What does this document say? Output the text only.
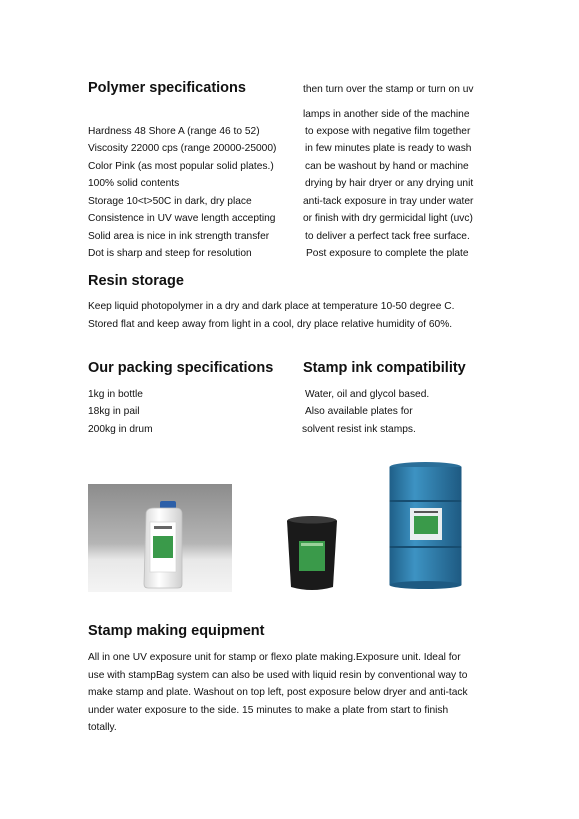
Polymer specifications	then turn over the stamp or turn on uv
lamps in another side of the machine
Hardness 48 Shore A (range 46 to 52)
Viscosity 22000 cps (range 20000-25000)
Color Pink (as most popular solid plates.)
100% solid contents
Storage 10<t>50C in dark, dry place
Consistence in UV wave length accepting
Solid area is nice in ink strength transfer
Dot is sharp and steep for resolution
to expose with negative film together
in few minutes plate is ready to wash
can be washout by hand or machine
drying by hair dryer or any drying unit
anti-tack exposure in tray under water
or finish with dry germicidal light (uvc)
to deliver a perfect tack free surface.
Post exposure to complete the plate
Resin storage
Keep liquid photopolymer in a dry and dark place at temperature 10-50 degree C.
Stored flat and keep away from light in a cool, dry place relative humidity of 60%.
Our packing specifications Stamp ink compatibility
1kg in bottle
18kg in pail
200kg in drum
Water, oil and glycol based.
Also available plates for
solvent resist ink stamps.
Stamp making equipment
All in one UV exposure unit for stamp or flexo plate making.Exposure unit. Ideal for
use with stampBag system can also be used with liquid resin by conventional way to
make stamp and plate. Washout on top left, post exposure below dryer and anti-tack
under water exposure to the side. 15 minutes to make a plate from start to finish
totally.
